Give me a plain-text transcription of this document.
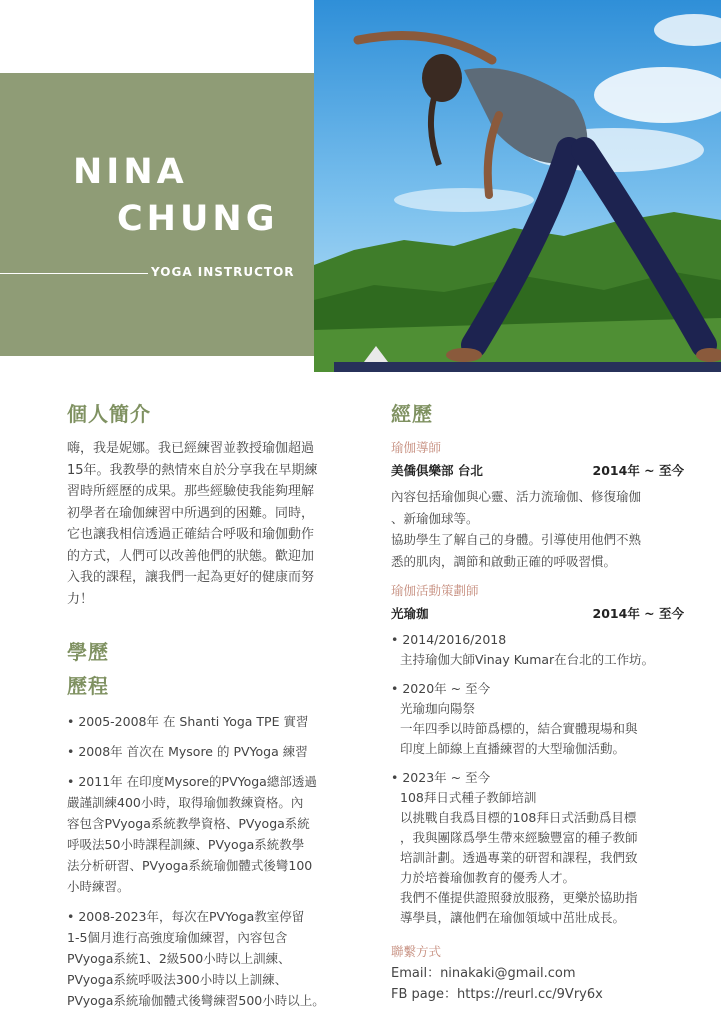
NINA
CHUNG
YOGA INSTRUCTOR
個人簡介

嗨，我是妮娜。我已經練習並教授瑜伽超過

15年。我教學的熱情來自於分享我在早期練

習時所經歷的成果。那些經驗使我能夠理解

初學者在瑜伽練習中所遇到的困難。同時，

它也讓我相信透過正確結合呼吸和瑜伽動作

的方式，人們可以改善他們的狀態。歡迎加

入我的課程，讓我們一起為更好的健康而努

力！

學歷
歷程

• 2005-2008年 在 Shanti Yoga TPE 實習

• 2008年 首次在 Mysore 的 PVYoga 練習

• 2011年 在印度Mysore的PVYoga總部透過

嚴謹訓練400小時，取得瑜伽教練資格。內

容包含PVyoga系統教學資格、PVyoga系統

呼吸法50小時課程訓練、PVyoga系統教學

法分析研習、PVyoga系統瑜伽體式後彎100

小時練習。

• 2008-2023年，每次在PVYoga教室停留

1-5個月進行高強度瑜伽練習，內容包含

PVyoga系統1、2級500小時以上訓練、

PVyoga系統呼吸法300小時以上訓練、

PVyoga系統瑜伽體式後彎練習500小時以上。

經歷
瑜伽導師
美僑俱樂部 台北	2014年 ~ 至今

內容包括瑜伽與心靈、活力流瑜伽、修復瑜伽

、新瑜伽球等。

協助學生了解自己的身體。引導使用他們不熟

悉的肌肉，調節和啟動正確的呼吸習慣。

瑜伽活動策劃師
光瑜珈	2014年 ~ 至今

• 2014/2016/2018

主持瑜伽大師Vinay Kumar在台北的工作坊。

• 2020年 ~ 至今

光瑜珈向陽祭

一年四季以時節爲標的，結合實體現場和與

印度上師線上直播練習的大型瑜伽活動。

• 2023年 ~ 至今

108拜日式種子教師培訓

以挑戰自我爲目標的108拜日式活動爲目標

，我與團隊爲學生帶來經驗豐富的種子教師

培訓計劃。透過專業的研習和課程，我們致

力於培養瑜伽教育的優秀人才。

我們不僅提供證照發放服務，更樂於協助指

導學員，讓他們在瑜伽領域中茁壯成長。

聯繫方式

Email：ninakaki@gmail.com

FB page：https://reurl.cc/9Vry6x
